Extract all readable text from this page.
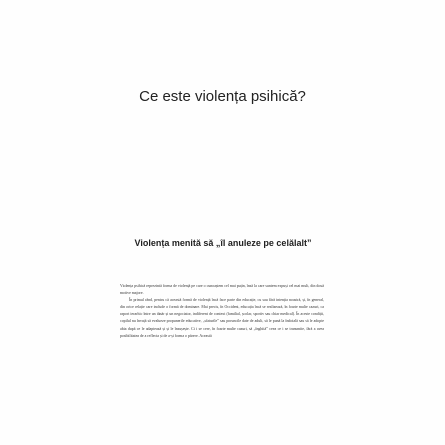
Ce este violența psihică?
Violența menită să „îl anuleze pe celălalt”

Violența psihică reprezintă forma de violență pe care o cunoaștem cel mai puțin, însă la care suntem expuși cel mai mult, din două motive majore.

În primul rând, pentru că această formă de violență încă face parte din educație, cu sau fără intenția noastră, și, în general, din orice relație care include o formă de dominare. Mai precis, în Occident, educația încă se realizează, în foarte multe cazuri, ca raport ierarhic între un tânăr și un negociator, indiferent de context (familial, școlar, sportiv sau chiar medical). În aceste condiții, copilul nu învață să evalueze propunerile educative, „sfaturile” sau poruncile date de adult, să le pună la îndoială sau să le adopte abia după ce le adaptează și și le însușește. Ci i se cere, în foarte multe cazuri, să „înghită” ceea ce i se transmite, fără a avea posibilitatea de a reflecta și de a-și forma o părere. Această
